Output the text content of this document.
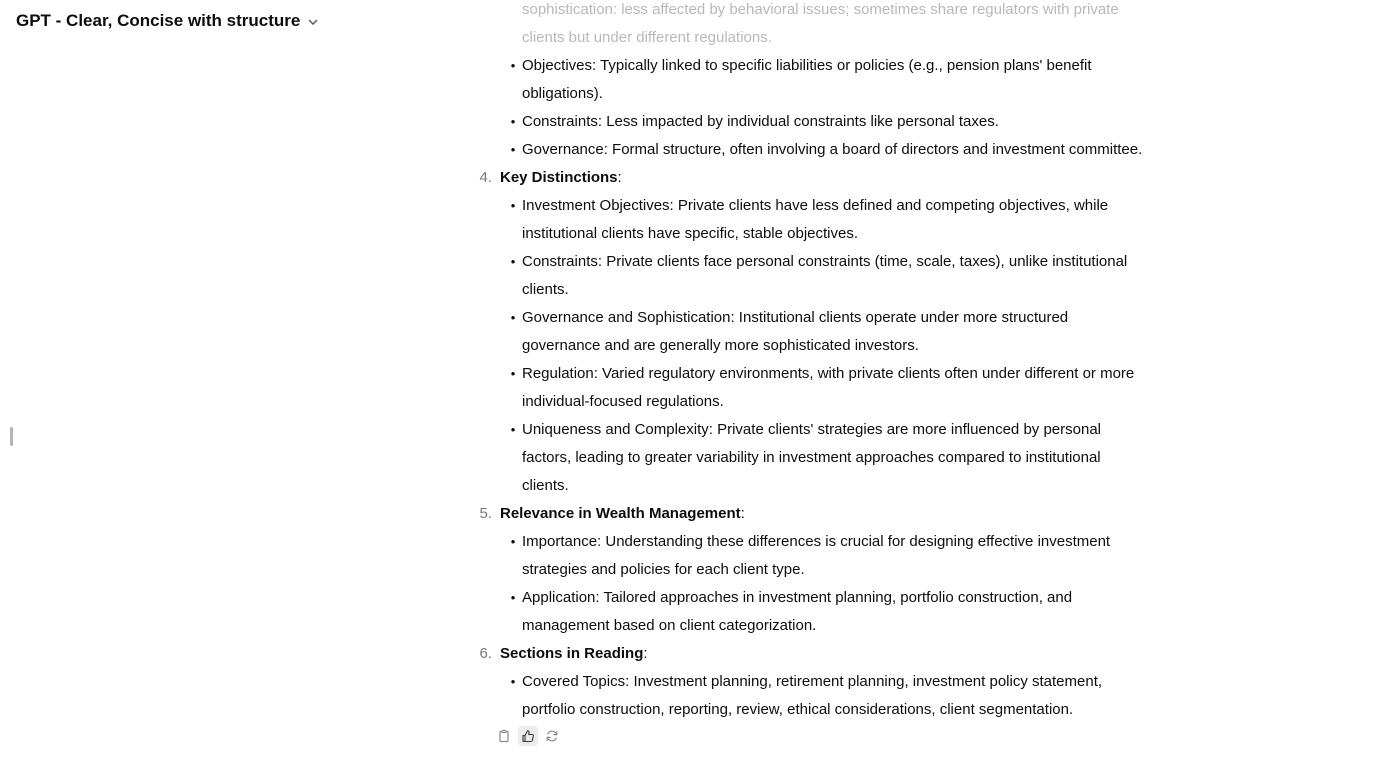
GPT - Clear, Concise with structure
sophistication: less affected by behavioral issues; sometimes share regulators with private
clients but under different regulations.
• Objectives: Typically linked to specific liabilities or policies (e.g., pension plans' benefit
obligations).
• Constraints: Less impacted by individual constraints like personal taxes.
• Governance: Formal structure, often involving a board of directors and investment committee.
4. Key Distinctions:
• Investment Objectives: Private clients have less defined and competing objectives, while
institutional clients have specific, stable objectives.
• Constraints: Private clients face personal constraints (time, scale, taxes), unlike institutional
clients.
• Governance and Sophistication: Institutional clients operate under more structured
governance and are generally more sophisticated investors.
• Regulation: Varied regulatory environments, with private clients often under different or more
individual-focused regulations.
• Uniqueness and Complexity: Private clients' strategies are more influenced by personal
factors, leading to greater variability in investment approaches compared to institutional
clients.
5. Relevance in Wealth Management:
• Importance: Understanding these differences is crucial for designing effective investment
strategies and policies for each client type.
• Application: Tailored approaches in investment planning, portfolio construction, and
management based on client categorization.
6. Sections in Reading:
• Covered Topics: Investment planning, retirement planning, investment policy statement,
portfolio construction, reporting, review, ethical considerations, client segmentation.
